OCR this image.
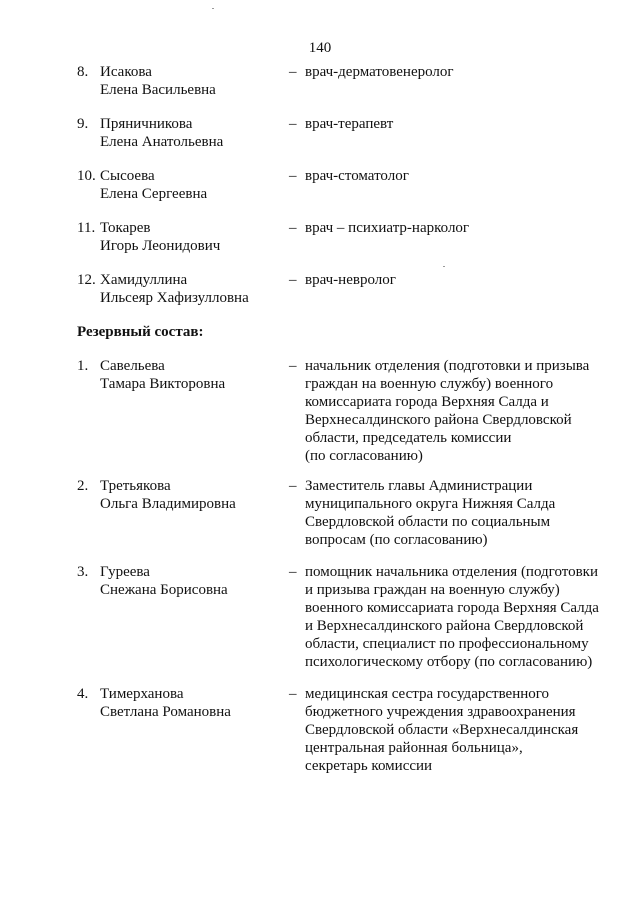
140
8. Исакова
Елена Васильевна
– врач-дерматовенеролог
9. Пряничникова
Елена Анатольевна
– врач-терапевт
10. Сысоева
Елена Сергеевна
– врач-стоматолог
11. Токарев
Игорь Леонидович
– врач – психиатр-нарколог
12. Хамидуллина
Ильсеяр Хафизулловна
– врач-невролог
Резервный состав:
1. Савельева
Тамара Викторовна
– начальник отделения (подготовки и призыва
граждан на военную службу) военного
комиссариата города Верхняя Салда и
Верхнесалдинского района Свердловской
области, председатель комиссии
(по согласованию)
2. Третьякова
Ольга Владимировна
– Заместитель главы Администрации
муниципального округа Нижняя Салда
Свердловской области по социальным
вопросам (по согласованию)
3. Гуреева
Снежана Борисовна
– помощник начальника отделения (подготовки
и призыва граждан на военную службу)
военного комиссариата города Верхняя Салда
и Верхнесалдинского района Свердловской
области, специалист по профессиональному
психологическому отбору (по согласованию)
4. Тимерханова
Светлана Романовна
– медицинская сестра государственного
бюджетного учреждения здравоохранения
Свердловской области «Верхнесалдинская
центральная районная больница»,
секретарь комиссии
